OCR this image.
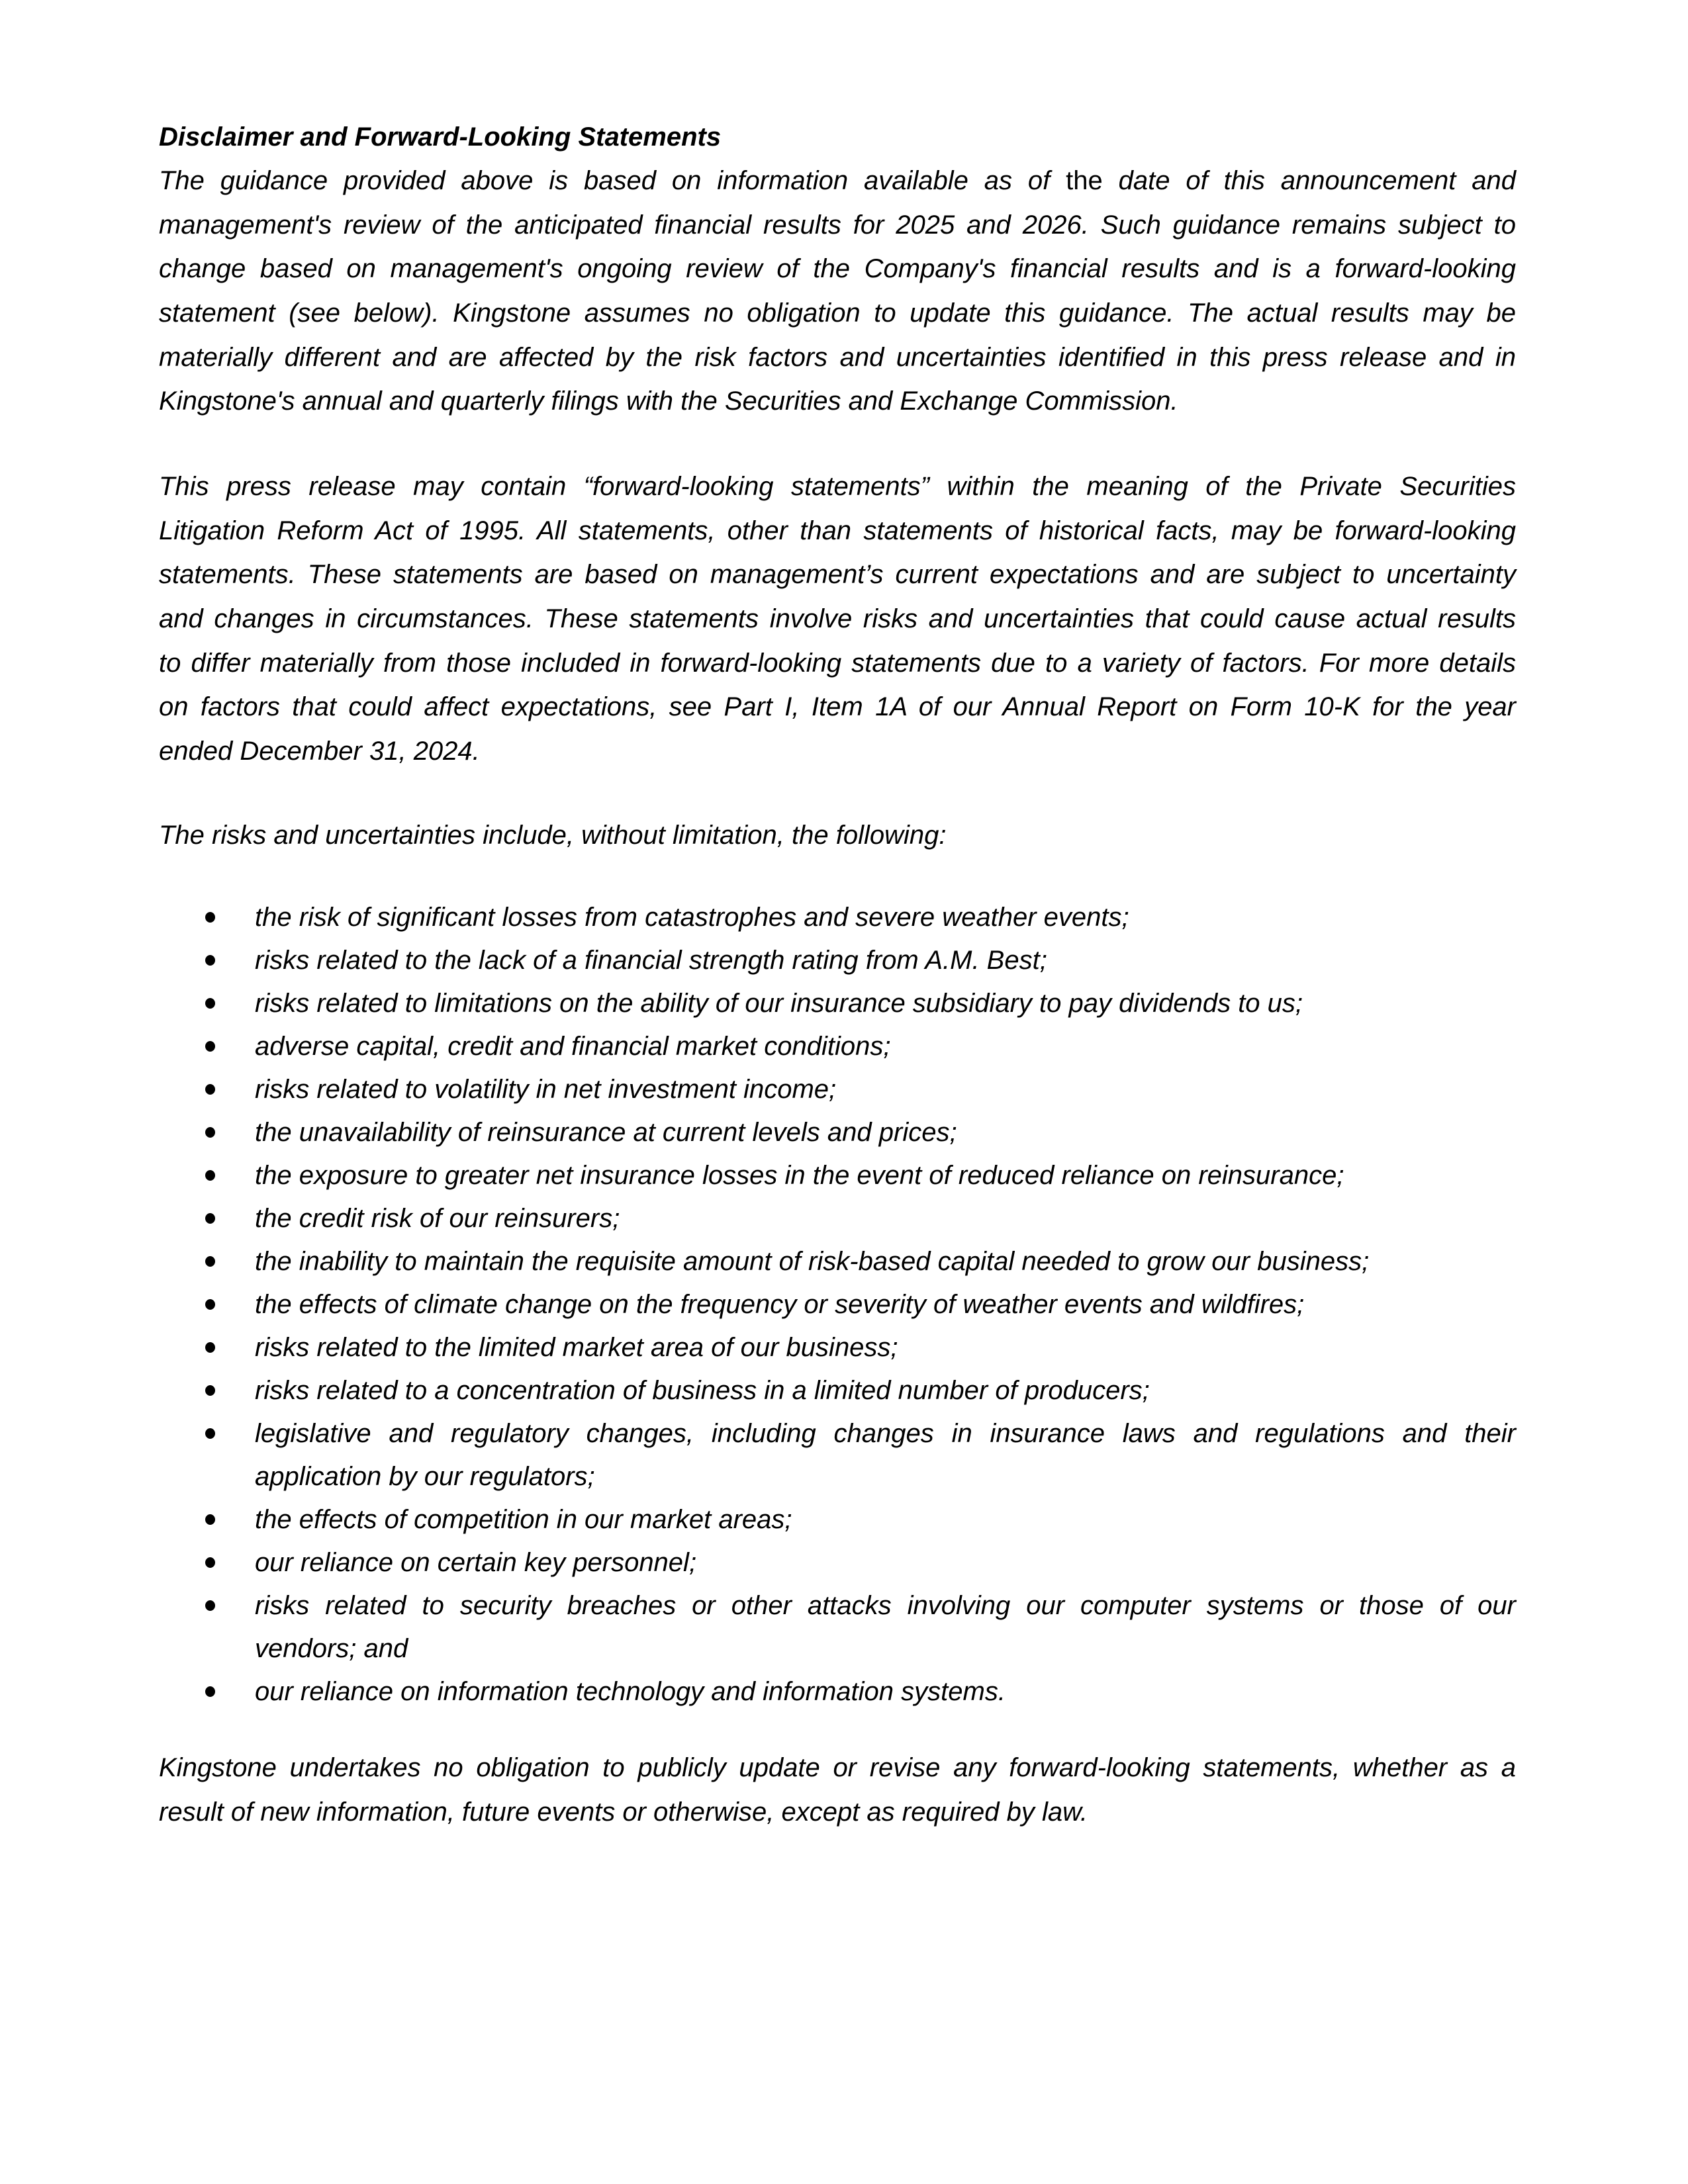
Disclaimer and Forward-Looking Statements
The guidance provided above is based on information available as of the date of this announcement and
management's review of the anticipated financial results for 2025 and 2026. Such guidance remains subject to
change based on management's ongoing review of the Company's financial results and is a forward-looking
statement (see below). Kingstone assumes no obligation to update this guidance. The actual results may be
materially different and are affected by the risk factors and uncertainties identified in this press release and in
Kingstone's annual and quarterly filings with the Securities and Exchange Commission.
This press release may contain “forward-looking statements” within the meaning of the Private Securities
Litigation Reform Act of 1995. All statements, other than statements of historical facts, may be forward-looking
statements. These statements are based on management’s current expectations and are subject to uncertainty
and changes in circumstances. These statements involve risks and uncertainties that could cause actual results
to differ materially from those included in forward-looking statements due to a variety of factors. For more details
on factors that could affect expectations, see Part I, Item 1A of our Annual Report on Form 10-K for the year
ended December 31, 2024.
The risks and uncertainties include, without limitation, the following:
the risk of significant losses from catastrophes and severe weather events;
risks related to the lack of a financial strength rating from A.M. Best;
risks related to limitations on the ability of our insurance subsidiary to pay dividends to us;
adverse capital, credit and financial market conditions;
risks related to volatility in net investment income;
the unavailability of reinsurance at current levels and prices;
the exposure to greater net insurance losses in the event of reduced reliance on reinsurance;
the credit risk of our reinsurers;
the inability to maintain the requisite amount of risk-based capital needed to grow our business;
the effects of climate change on the frequency or severity of weather events and wildfires;
risks related to the limited market area of our business;
risks related to a concentration of business in a limited number of producers;
legislative and regulatory changes, including changes in insurance laws and regulations and their
application by our regulators;
the effects of competition in our market areas;
our reliance on certain key personnel;
risks related to security breaches or other attacks involving our computer systems or those of our
vendors; and
our reliance on information technology and information systems.
Kingstone undertakes no obligation to publicly update or revise any forward-looking statements, whether as a
result of new information, future events or otherwise, except as required by law.
